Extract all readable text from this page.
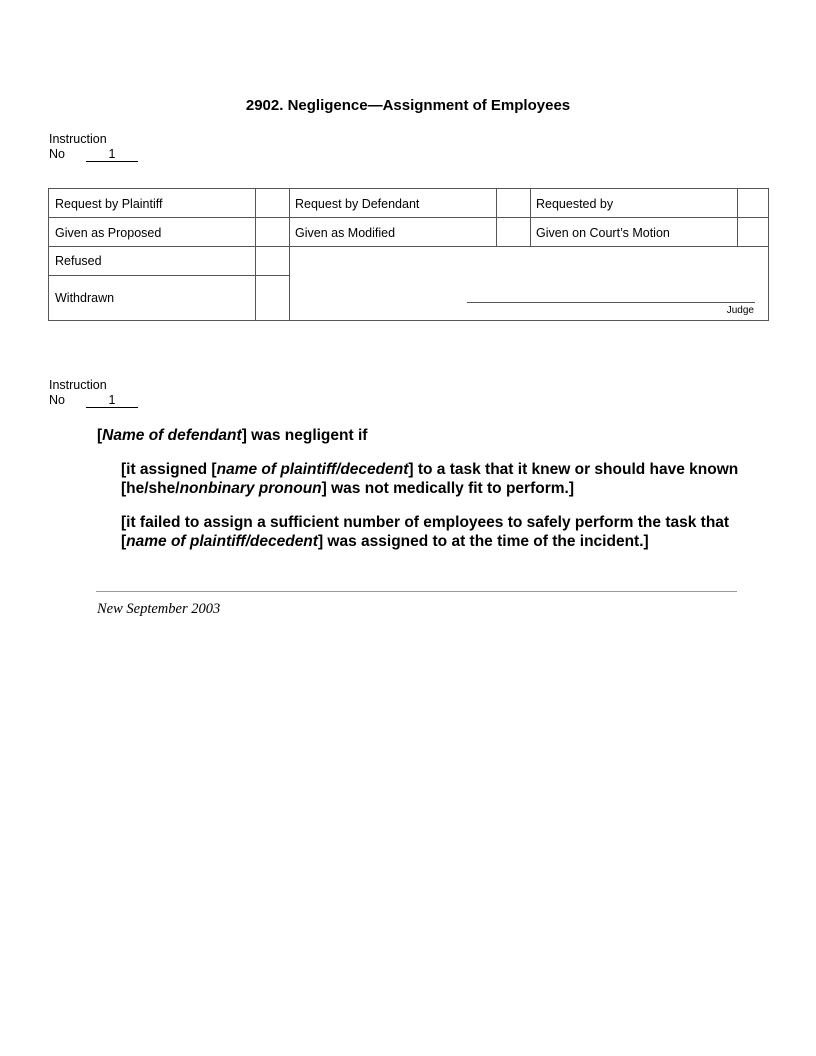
2902. Negligence—Assignment of Employees
Instruction
No	1
Request by Plaintiff	Request by Defendant	Requested by
Given as Proposed	Given as Modified	Given on Court’s Motion
Refused
Withdrawn
Judge
Instruction
No	1
[Name of defendant] was negligent if
[it assigned [name of plaintiff/decedent] to a task that it knew or should have known [he/she/nonbinary pronoun] was not medically fit to perform.]
[it failed to assign a sufficient number of employees to safely perform the task that [name of plaintiff/decedent] was assigned to at the time of the incident.]
New September 2003
